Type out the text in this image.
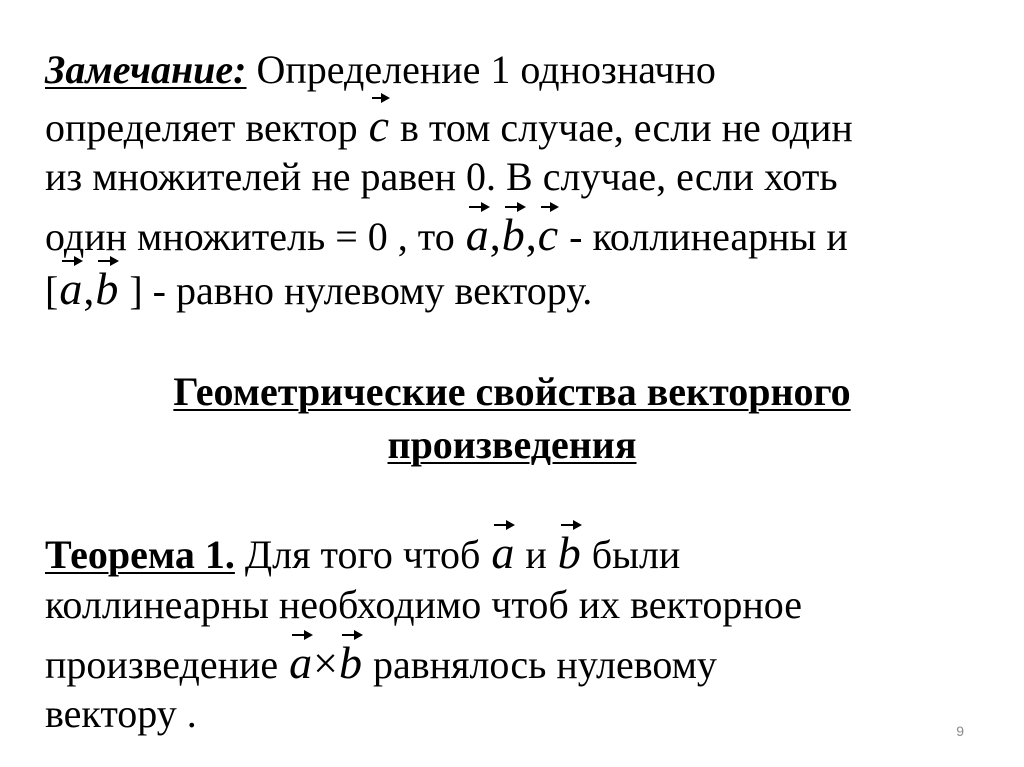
Замечание: Определение 1 однозначно
определяет вектор c в том случае, если не один
из множителей не равен 0. В случае, если хоть
один множитель = 0 , то a,b,c - коллинеарны и
[a,b ] - равно нулевому вектору.
Геометрические свойства векторного
произведения
Теорема 1. Для того чтоб a и b были
коллинеарны необходимо чтоб их векторное
произведение a×b равнялось нулевому
вектору .	9
